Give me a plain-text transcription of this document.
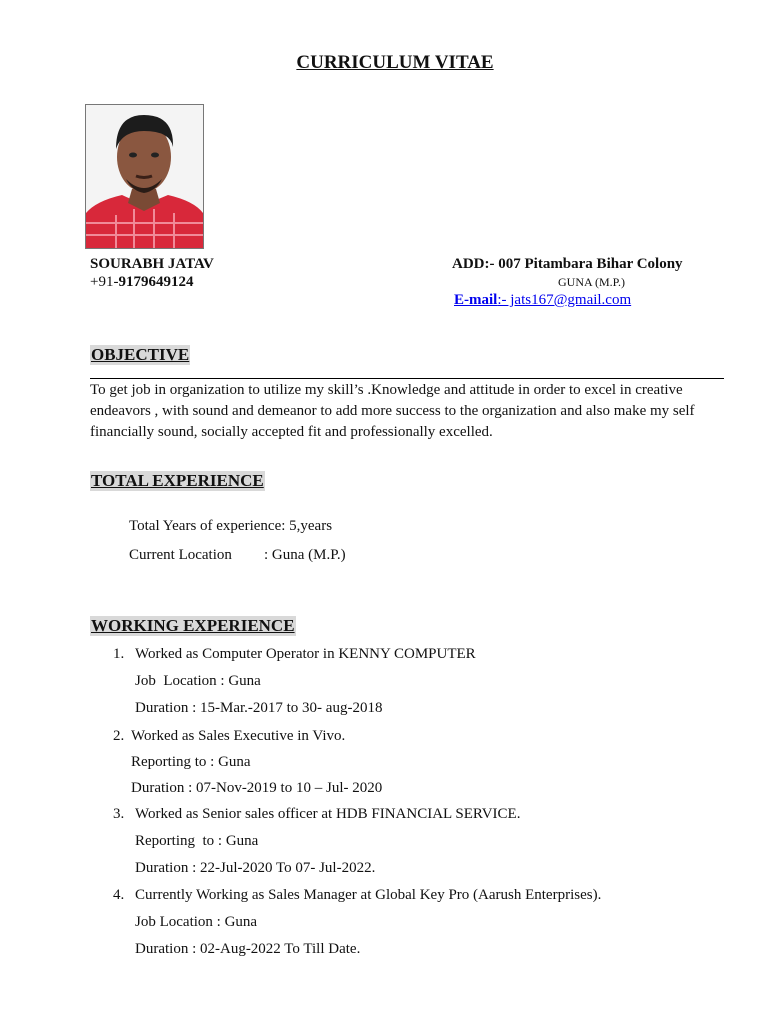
CURRICULUM VITAE
SOURABH JATAV
+91-9179649124
ADD:- 007 Pitambara Bihar Colony
GUNA (M.P.)
E-mail:- jats167@gmail.com
OBJECTIVE
To get job in organization to utilize my skill’s .Knowledge and attitude in order to excel in creative endeavors , with sound and demeanor to add more success to the organization and also make my self financially sound, socially accepted fit and professionally excelled.
TOTAL EXPERIENCE
Total Years of experience: 5,years
Current Location : Guna (M.P.)
WORKING EXPERIENCE
1. Worked as Computer Operator in KENNY COMPUTER
Job  Location : Guna
Duration : 15-Mar.-2017 to 30- aug-2018
2. Worked as Sales Executive in Vivo.
Reporting to : Guna
Duration : 07-Nov-2019 to 10 – Jul- 2020
3. Worked as Senior sales officer at HDB FINANCIAL SERVICE.
Reporting  to : Guna
Duration : 22-Jul-2020 To 07- Jul-2022.
4. Currently Working as Sales Manager at Global Key Pro (Aarush Enterprises).
Job Location : Guna
Duration : 02-Aug-2022 To Till Date.
